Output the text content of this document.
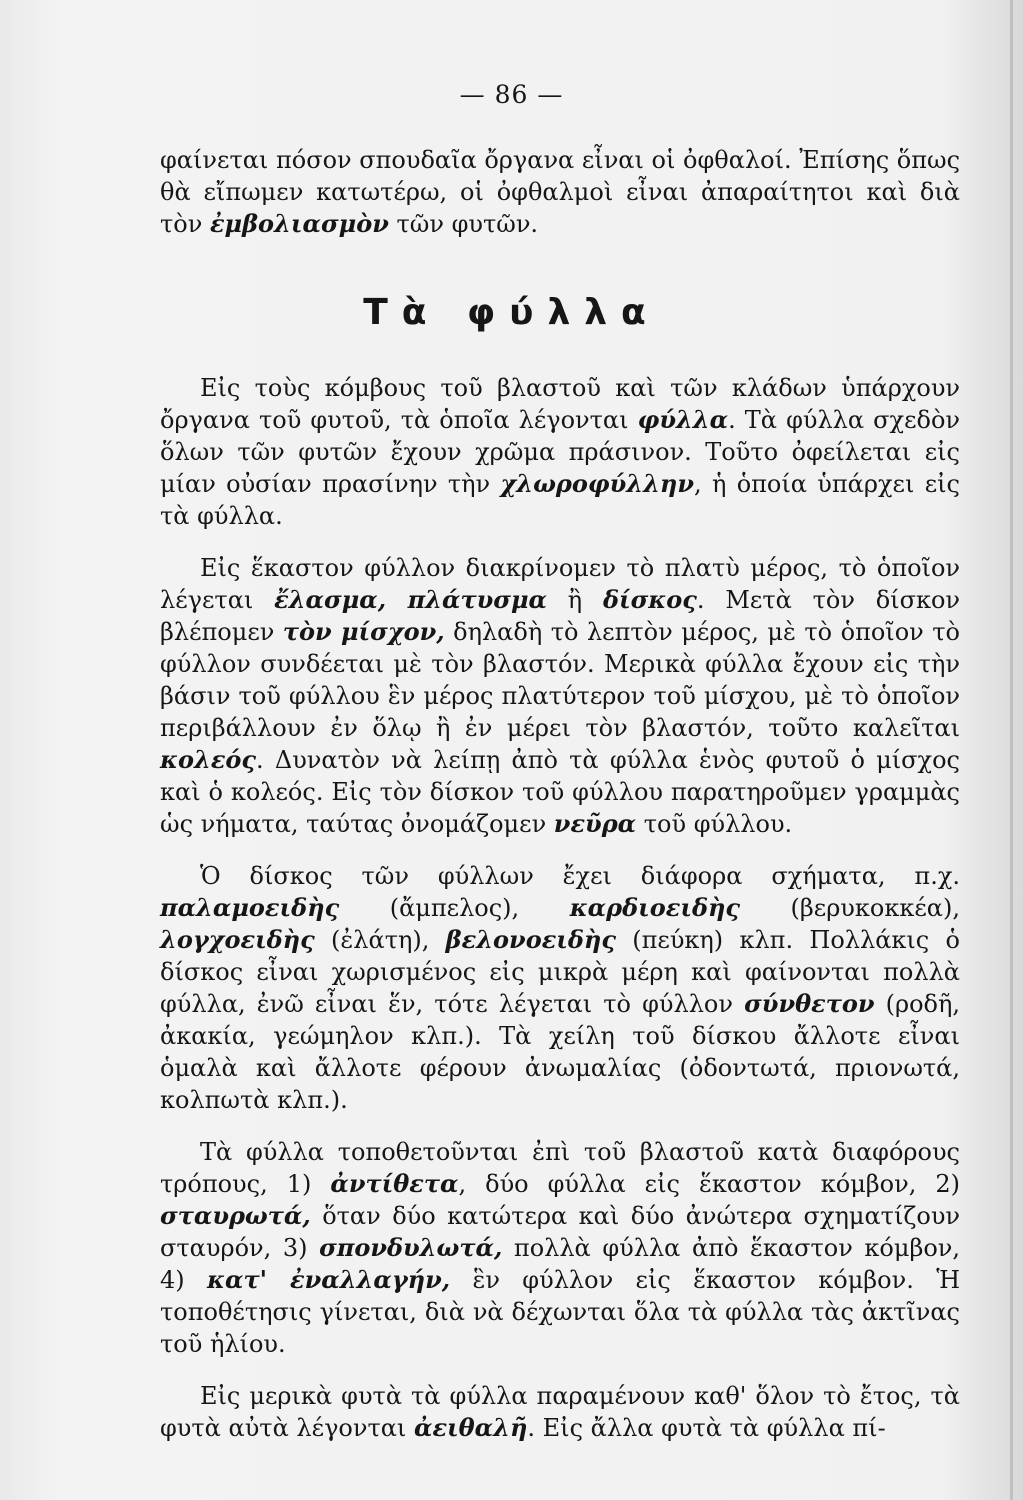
— 86 —

φαίνεται πόσον σπουδαῖα ὄργανα εἶναι οἱ ὀφθαλοί. Ἐπίσης ὅπως θὰ εἴπωμεν κατωτέρω, οἱ ὀφθαλμοὶ εἶναι ἀπαραίτητοι καὶ διὰ τὸν ἐμβολιασμὸν τῶν φυτῶν.

Τὰ φύλλα

Εἰς τοὺς κόμβους τοῦ βλαστοῦ καὶ τῶν κλάδων ὑπάρχουν ὄργανα τοῦ φυτοῦ, τὰ ὁποῖα λέγονται φύλλα. Τὰ φύλλα σχεδὸν ὅλων τῶν φυτῶν ἔχουν χρῶμα πράσινον. Τοῦτο ὀφείλεται εἰς μίαν οὐσίαν πρασίνην τὴν χλωροφύλλην, ἡ ὁποία ὑπάρχει εἰς τὰ φύλλα.

Εἰς ἕκαστον φύλλον διακρίνομεν τὸ πλατὺ μέρος, τὸ ὁποῖον λέγεται ἔλασμα, πλάτυσμα ἢ δίσκος. Μετὰ τὸν δίσκον βλέπομεν τὸν μίσχον, δηλαδὴ τὸ λεπτὸν μέρος, μὲ τὸ ὁποῖον τὸ φύλλον συνδέεται μὲ τὸν βλαστόν. Μερικὰ φύλλα ἔχουν εἰς τὴν βάσιν τοῦ φύλλου ἓν μέρος πλατύτερον τοῦ μίσχου, μὲ τὸ ὁποῖον περιβάλλουν ἐν ὅλῳ ἢ ἐν μέρει τὸν βλαστόν, τοῦτο καλεῖται κολεός. Δυνατὸν νὰ λείπῃ ἀπὸ τὰ φύλλα ἑνὸς φυτοῦ ὁ μίσχος καὶ ὁ κολεός. Εἰς τὸν δίσκον τοῦ φύλλου παρατηροῦμεν γραμμὰς ὡς νήματα, ταύτας ὀνομάζομεν νεῦρα τοῦ φύλλου.

Ὁ δίσκος τῶν φύλλων ἔχει διάφορα σχήματα, π.χ. παλαμοειδὴς (ἄμπελος), καρδιοειδὴς (βερυκοκκέα), λογχοειδὴς (ἐλάτη), βελονοειδὴς (πεύκη) κλπ. Πολλάκις ὁ δίσκος εἶναι χωρισμένος εἰς μικρὰ μέρη καὶ φαίνονται πολλὰ φύλλα, ἐνῶ εἶναι ἕν, τότε λέγεται τὸ φύλλον σύνθετον (ροδῆ, ἀκακία, γεώμηλον κλπ.). Τὰ χείλη τοῦ δίσκου ἄλλοτε εἶναι ὁμαλὰ καὶ ἄλλοτε φέρουν ἀνωμαλίας (ὀδοντωτά, πριονωτά, κολπωτὰ κλπ.).

Τὰ φύλλα τοποθετοῦνται ἐπὶ τοῦ βλαστοῦ κατὰ διαφόρους τρόπους, 1) ἀντίθετα, δύο φύλλα εἰς ἕκαστον κόμβον, 2) σταυρωτά, ὅταν δύο κατώτερα καὶ δύο ἀνώτερα σχηματίζουν σταυρόν, 3) σπονδυλωτά, πολλὰ φύλλα ἀπὸ ἕκαστον κόμβον, 4) κατ' ἐναλλαγήν, ἓν φύλλον εἰς ἕκαστον κόμβον. Ἡ τοποθέτησις γίνεται, διὰ νὰ δέχωνται ὅλα τὰ φύλλα τὰς ἀκτῖνας τοῦ ἡλίου.

Εἰς μερικὰ φυτὰ τὰ φύλλα παραμένουν καθ' ὅλον τὸ ἔτος, τὰ φυτὰ αὐτὰ λέγονται ἀειθαλῆ. Εἰς ἄλλα φυτὰ τὰ φύλλα πί-
